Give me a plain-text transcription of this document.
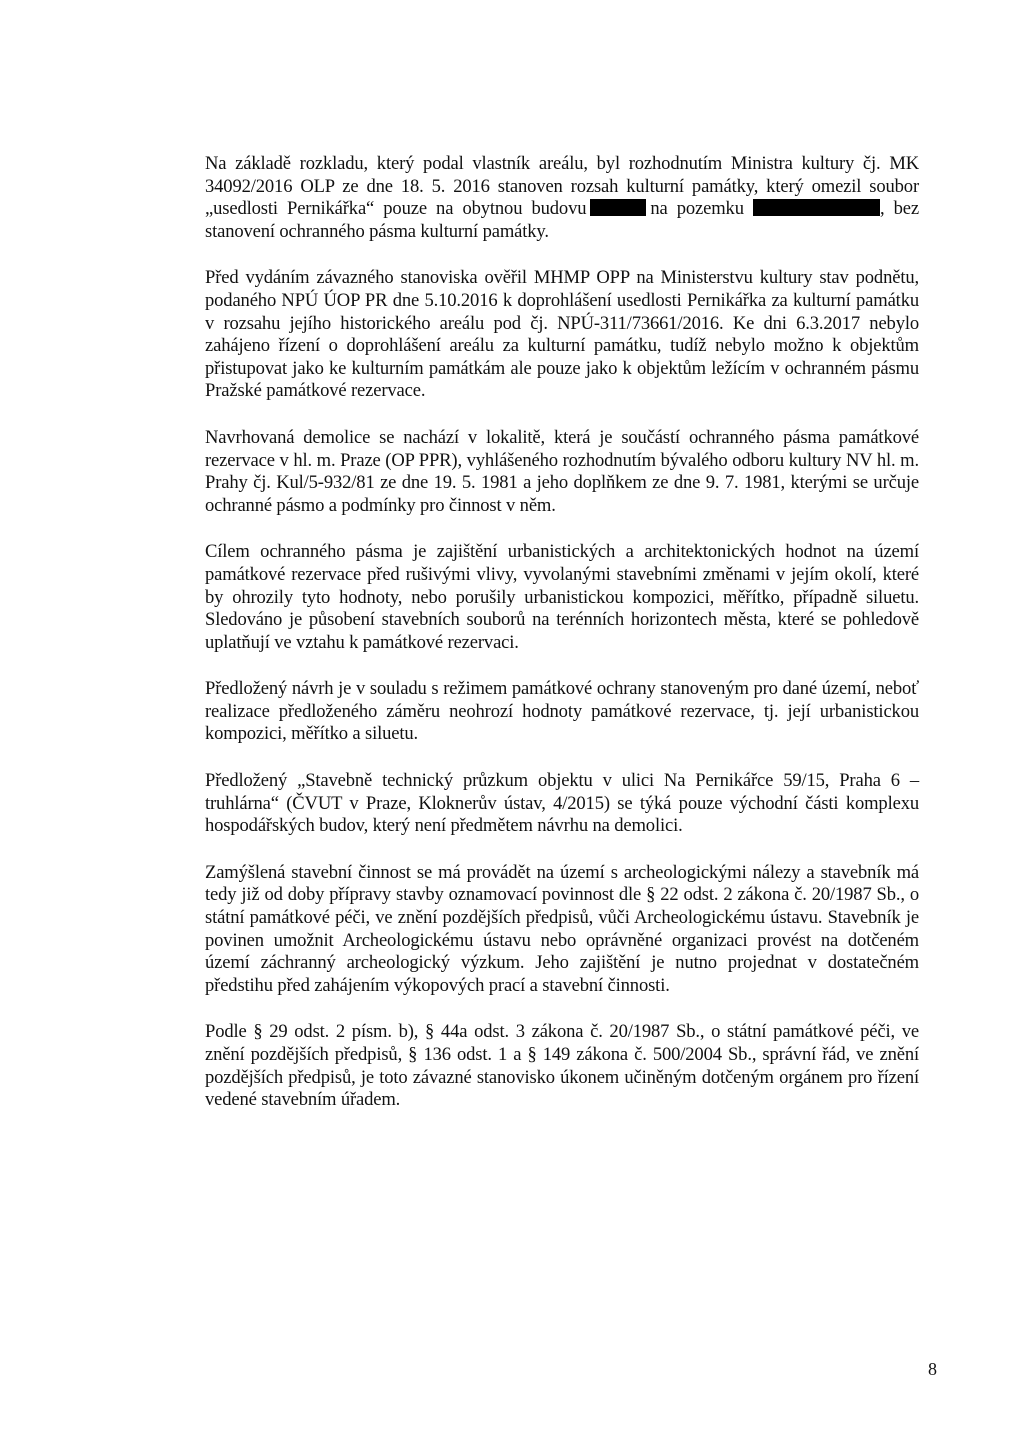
Na základě rozkladu, který podal vlastník areálu, byl rozhodnutím Ministra kultury čj. MK 34092/2016 OLP ze dne 18. 5. 2016 stanoven rozsah kulturní památky, který omezil soubor „usedlosti Pernikářka“ pouze na obytnou budovu	na pozemku	, bez stanovení ochranného pásma kulturní památky.

Před vydáním závazného stanoviska ověřil MHMP OPP na Ministerstvu kultury stav podnětu, podaného NPÚ ÚOP PR dne 5.10.2016 k doprohlášení usedlosti Pernikářka za kulturní památku v rozsahu jejího historického areálu pod čj. NPÚ-311/73661/2016. Ke dni 6.3.2017 nebylo zahájeno řízení o doprohlášení areálu za kulturní památku, tudíž nebylo možno k objektům přistupovat jako ke kulturním památkám ale pouze jako k objektům ležícím v ochranném pásmu Pražské památkové rezervace.

Navrhovaná demolice se nachází v lokalitě, která je součástí ochranného pásma památkové rezervace v hl. m. Praze (OP PPR), vyhlášeného rozhodnutím bývalého odboru kultury NV hl. m. Prahy čj. Kul/5-932/81 ze dne 19. 5. 1981 a jeho doplňkem ze dne 9. 7. 1981, kterými se určuje ochranné pásmo a podmínky pro činnost v něm.

Cílem ochranného pásma je zajištění urbanistických a architektonických hodnot na území památkové rezervace před rušivými vlivy, vyvolanými stavebními změnami v jejím okolí, které by ohrozily tyto hodnoty, nebo porušily urbanistickou kompozici, měřítko, případně siluetu. Sledováno je působení stavebních souborů na terénních horizontech města, které se pohledově uplatňují ve vztahu k památkové rezervaci.

Předložený návrh je v souladu s režimem památkové ochrany stanoveným pro dané území, neboť realizace předloženého záměru neohrozí hodnoty památkové rezervace, tj. její urbanistickou kompozici, měřítko a siluetu.

Předložený „Stavebně technický průzkum objektu v ulici Na Pernikářce 59/15, Praha 6 – truhlárna“ (ČVUT v Praze, Kloknerův ústav, 4/2015) se týká pouze východní části komplexu hospodářských budov, který není předmětem návrhu na demolici.

Zamýšlená stavební činnost se má provádět na území s archeologickými nálezy a stavebník má tedy již od doby přípravy stavby oznamovací povinnost dle § 22 odst. 2 zákona č. 20/1987 Sb., o státní památkové péči, ve znění pozdějších předpisů, vůči Archeologickému ústavu. Stavebník je povinen umožnit Archeologickému ústavu nebo oprávněné organizaci provést na dotčeném území záchranný archeologický výzkum. Jeho zajištění je nutno projednat v dostatečném předstihu před zahájením výkopových prací a stavební činnosti.

Podle § 29 odst. 2 písm. b), § 44a odst. 3 zákona č. 20/1987 Sb., o státní památkové péči, ve znění pozdějších předpisů, § 136 odst. 1 a § 149 zákona č. 500/2004 Sb., správní řád, ve znění pozdějších předpisů, je toto závazné stanovisko úkonem učiněným dotčeným orgánem pro řízení vedené stavebním úřadem.

8
